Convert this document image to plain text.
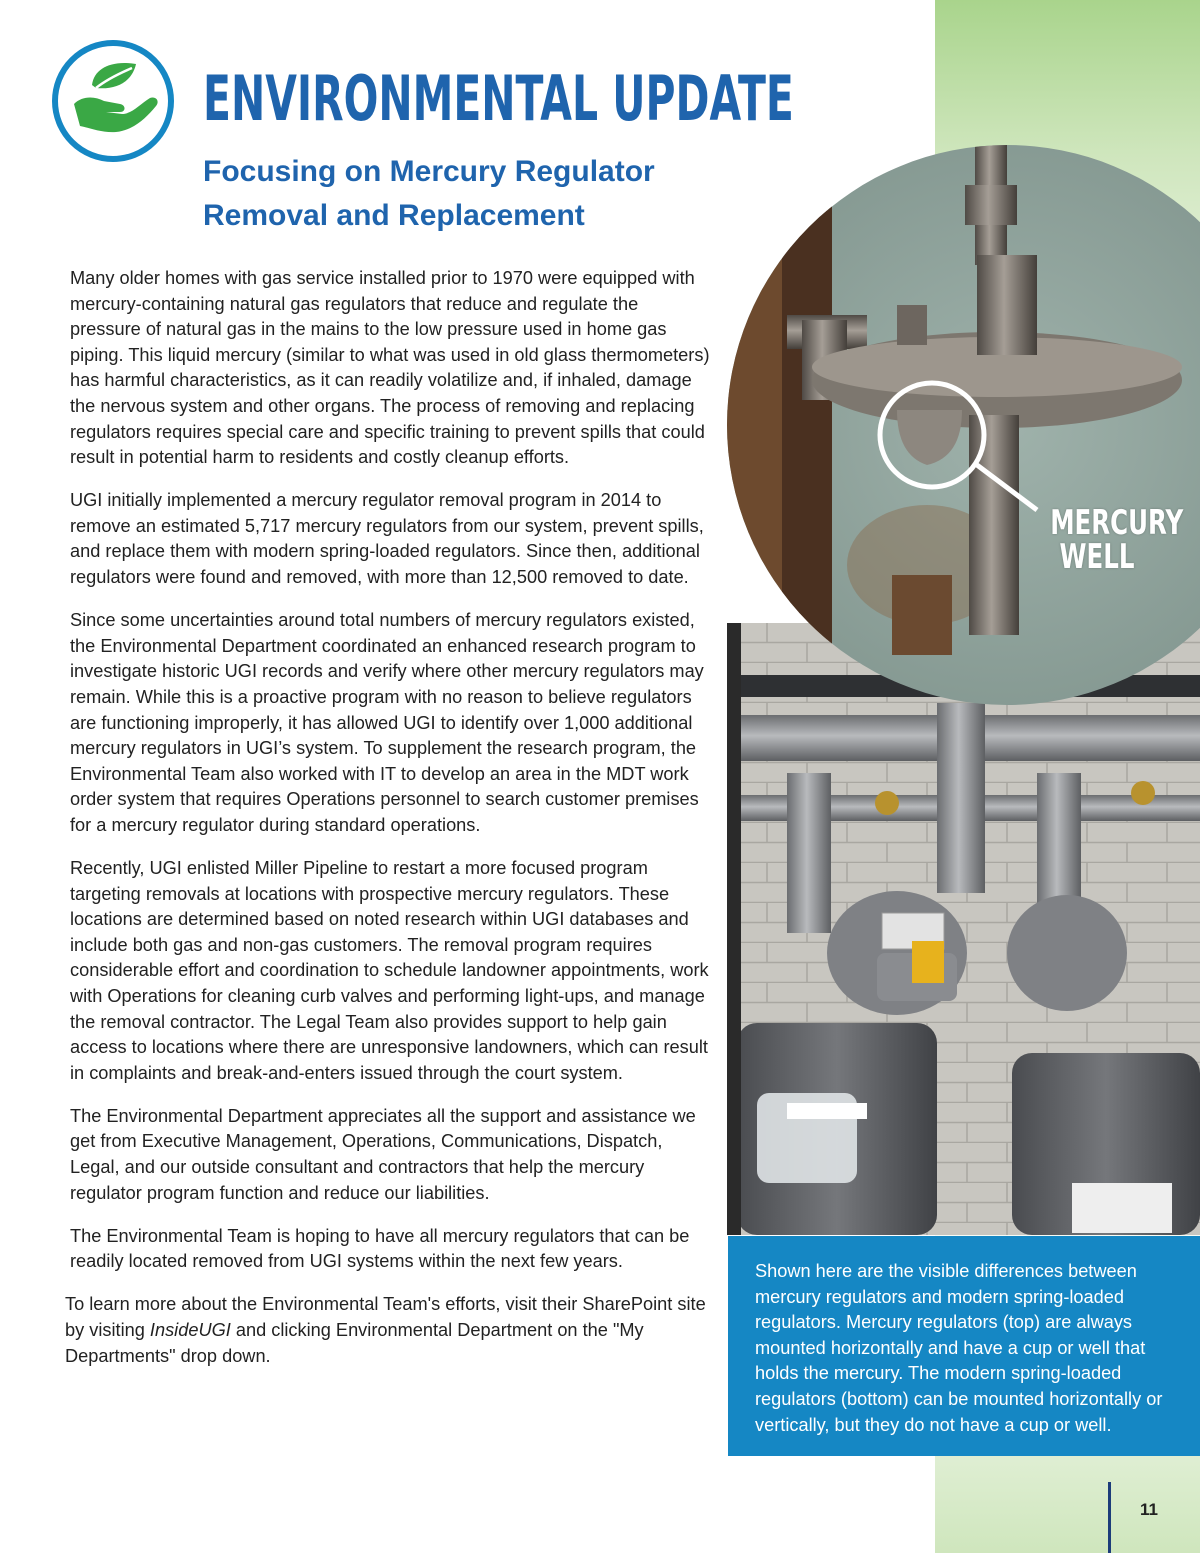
ENVIRONMENTAL UPDATE
Focusing on Mercury Regulator Removal and Replacement

Many older homes with gas service installed prior to 1970 were equipped with mercury-containing natural gas regulators that reduce and regulate the pressure of natural gas in the mains to the low pressure used in home gas piping. This liquid mercury (similar to what was used in old glass thermometers) has harmful characteristics, as it can readily volatilize and, if inhaled, damage the nervous system and other organs. The process of removing and replacing regulators requires special care and specific training to prevent spills that could result in potential harm to residents and costly cleanup efforts.

UGI initially implemented a mercury regulator removal program in 2014 to remove an estimated 5,717 mercury regulators from our system, prevent spills, and replace them with modern spring-loaded regulators. Since then, additional regulators were found and removed, with more than 12,500 removed to date.

Since some uncertainties around total numbers of mercury regulators existed, the Environmental Department coordinated an enhanced research program to investigate historic UGI records and verify where other mercury regulators may remain. While this is a proactive program with no reason to believe regulators are functioning improperly, it has allowed UGI to identify over 1,000 additional mercury regulators in UGI’s system. To supplement the research program, the Environmental Team also worked with IT to develop an area in the MDT work order system that requires Operations personnel to search customer premises for a mercury regulator during standard operations.

Recently, UGI enlisted Miller Pipeline to restart a more focused program targeting removals at locations with prospective mercury regulators. These locations are determined based on noted research within UGI databases and include both gas and non-gas customers. The removal program requires considerable effort and coordination to schedule landowner appointments, work with Operations for cleaning curb valves and performing light-ups, and manage the removal contractor. The Legal Team also provides support to help gain access to locations where there are unresponsive landowners, which can result in complaints and break-and-enters issued through the court system.

The Environmental Department appreciates all the support and assistance we get from Executive Management, Operations, Communications, Dispatch, Legal, and our outside consultant and contractors that help the mercury regulator program function and reduce our liabilities.

The Environmental Team is hoping to have all mercury regulators that can be readily located removed from UGI systems within the next few years.

To learn more about the Environmental Team's efforts, visit their SharePoint site by visiting InsideUGI and clicking Environmental Department on the "My Departments" drop down.

MERCURY
WELL
Shown here are the visible differences between mercury regulators and modern spring-loaded regulators. Mercury regulators (top) are always mounted horizontally and have a cup or well that holds the mercury. The modern spring-loaded regulators (bottom) can be mounted horizontally or vertically, but they do not have a cup or well.

11
